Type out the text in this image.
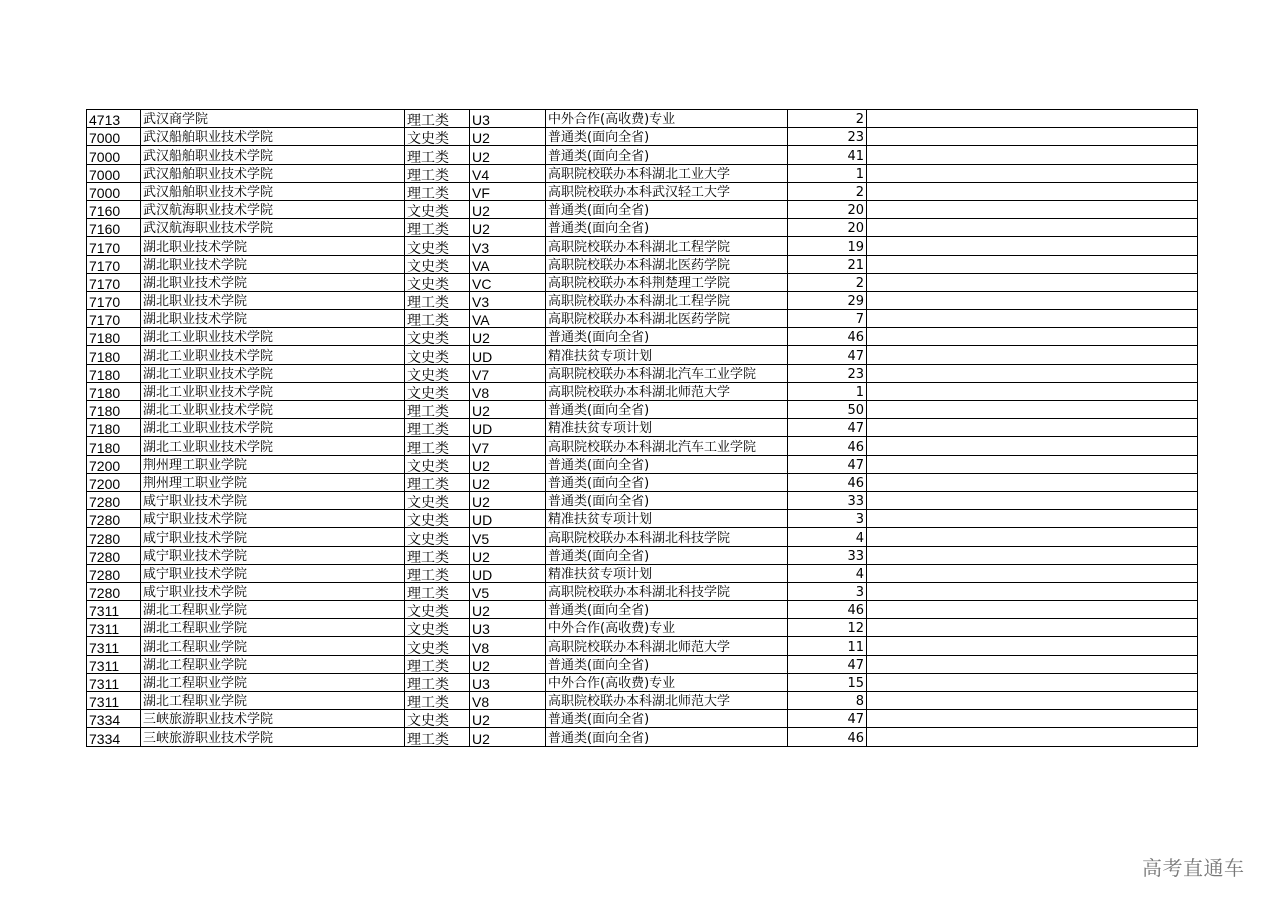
4713	武汉商学院	理工类	U3	中外合作(高收费)专业	2	
7000	武汉船舶职业技术学院	文史类	U2	普通类(面向全省)	23	
7000	武汉船舶职业技术学院	理工类	U2	普通类(面向全省)	41	
7000	武汉船舶职业技术学院	理工类	V4	高职院校联办本科湖北工业大学	1	
7000	武汉船舶职业技术学院	理工类	VF	高职院校联办本科武汉轻工大学	2	
7160	武汉航海职业技术学院	文史类	U2	普通类(面向全省)	20	
7160	武汉航海职业技术学院	理工类	U2	普通类(面向全省)	20	
7170	湖北职业技术学院	文史类	V3	高职院校联办本科湖北工程学院	19	
7170	湖北职业技术学院	文史类	VA	高职院校联办本科湖北医药学院	21	
7170	湖北职业技术学院	文史类	VC	高职院校联办本科荆楚理工学院	2	
7170	湖北职业技术学院	理工类	V3	高职院校联办本科湖北工程学院	29	
7170	湖北职业技术学院	理工类	VA	高职院校联办本科湖北医药学院	7	
7180	湖北工业职业技术学院	文史类	U2	普通类(面向全省)	46	
7180	湖北工业职业技术学院	文史类	UD	精准扶贫专项计划	47	
7180	湖北工业职业技术学院	文史类	V7	高职院校联办本科湖北汽车工业学院	23	
7180	湖北工业职业技术学院	文史类	V8	高职院校联办本科湖北师范大学	1	
7180	湖北工业职业技术学院	理工类	U2	普通类(面向全省)	50	
7180	湖北工业职业技术学院	理工类	UD	精准扶贫专项计划	47	
7180	湖北工业职业技术学院	理工类	V7	高职院校联办本科湖北汽车工业学院	46	
7200	荆州理工职业学院	文史类	U2	普通类(面向全省)	47	
7200	荆州理工职业学院	理工类	U2	普通类(面向全省)	46	
7280	咸宁职业技术学院	文史类	U2	普通类(面向全省)	33	
7280	咸宁职业技术学院	文史类	UD	精准扶贫专项计划	3	
7280	咸宁职业技术学院	文史类	V5	高职院校联办本科湖北科技学院	4	
7280	咸宁职业技术学院	理工类	U2	普通类(面向全省)	33	
7280	咸宁职业技术学院	理工类	UD	精准扶贫专项计划	4	
7280	咸宁职业技术学院	理工类	V5	高职院校联办本科湖北科技学院	3	
7311	湖北工程职业学院	文史类	U2	普通类(面向全省)	46	
7311	湖北工程职业学院	文史类	U3	中外合作(高收费)专业	12	
7311	湖北工程职业学院	文史类	V8	高职院校联办本科湖北师范大学	11	
7311	湖北工程职业学院	理工类	U2	普通类(面向全省)	47	
7311	湖北工程职业学院	理工类	U3	中外合作(高收费)专业	15	
7311	湖北工程职业学院	理工类	V8	高职院校联办本科湖北师范大学	8	
7334	三峡旅游职业技术学院	文史类	U2	普通类(面向全省)	47	
7334	三峡旅游职业技术学院	理工类	U2	普通类(面向全省)	46	
高考直通车
